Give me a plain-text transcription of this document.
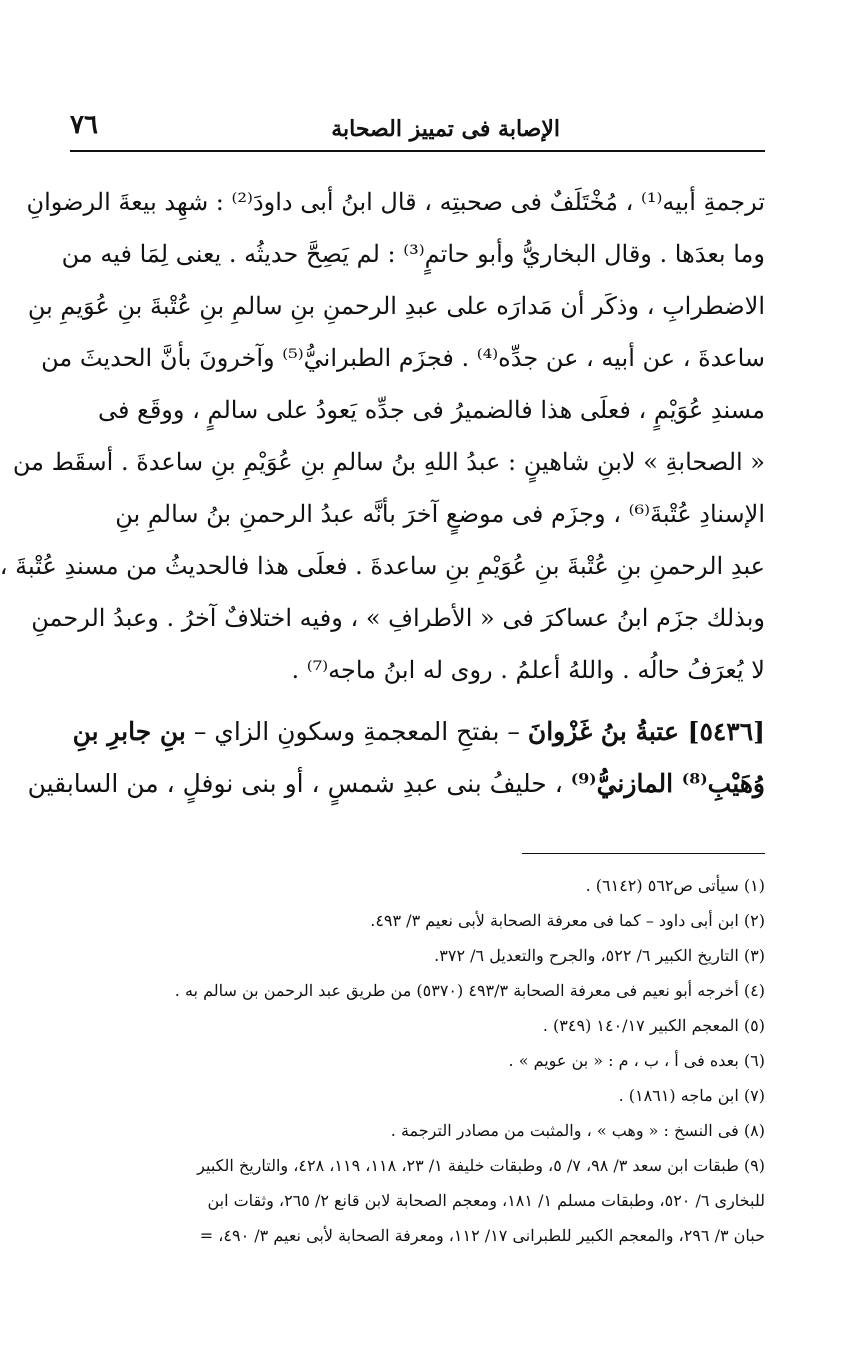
٧٦	الإصابة فى تمييز الصحابة
ترجمةِ أبيه⁽¹⁾ ، مُخْتَلَفٌ فى صحبتِه ، قال ابنُ أبى داودَ⁽²⁾ : شهِد بيعةَ الرضوانِ
وما بعدَها . وقال البخاريُّ وأبو حاتمٍ⁽³⁾ : لم يَصِحَّ حديثُه . يعنى لِمَا فيه من
الاضطرابِ ، وذكَر أن مَدارَه على عبدِ الرحمنِ بنِ سالمِ بنِ عُتْبةَ بنِ عُوَيمِ بنِ
ساعدةَ ، عن أبيه ، عن جدِّه⁽⁴⁾ . فجزَم الطبرانيُّ⁽⁵⁾ وآخرونَ بأنَّ الحديثَ من
مسندِ عُوَيْمٍ ، فعلَى هذا فالضميرُ فى جدِّه يَعودُ على سالمٍ ، ووقَع فى
« الصحابةِ » لابنِ شاهينٍ : عبدُ اللهِ بنُ سالمِ بنِ عُوَيْمِ بنِ ساعدةَ . أسقَط من
الإسنادِ عُتْبةَ⁽⁶⁾ ، وجزَم فى موضعٍ آخرَ بأنَّه عبدُ الرحمنِ بنُ سالمِ بنِ
عبدِ الرحمنِ بنِ عُتْبةَ بنِ عُوَيْمِ بنِ ساعدةَ . فعلَى هذا فالحديثُ من مسندِ عُتْبةَ ،
وبذلك جزَم ابنُ عساكرَ فى « الأطرافِ » ، وفيه اختلافٌ آخرُ . وعبدُ الرحمنِ
لا يُعرَفُ حالُه . واللهُ أعلمُ . روى له ابنُ ماجه⁽⁷⁾ .
[٥٤٣٦] عتبةُ بنُ غَزْوانَ – بفتحِ المعجمةِ وسكونِ الزاي – بنِ جابرِ بنِ
وُهَيْبِ⁽⁸⁾ المازنيُّ⁽⁹⁾ ، حليفُ بنى عبدِ شمسٍ ، أو بنى نوفلٍ ، من السابقين
(١) سيأتى ص٥٦٢ (٦١٤٢) .
(٢) ابن أبى داود – كما فى معرفة الصحابة لأبى نعيم ٣/ ٤٩٣.
(٣) التاريخ الكبير ٦/ ٥٢٢، والجرح والتعديل ٦/ ٣٧٢.
(٤) أخرجه أبو نعيم فى معرفة الصحابة ٤٩٣/٣ (٥٣٧٠) من طريق عبد الرحمن بن سالم به .
(٥) المعجم الكبير ١٤٠/١٧ (٣٤٩) .
(٦) بعده فى أ ، ب ، م : « بن عويم » .
(٧) ابن ماجه (١٨٦١) .
(٨) فى النسخ : « وهب » ، والمثبت من مصادر الترجمة .
(٩) طبقات ابن سعد ٣/ ٩٨، ٧/ ٥، وطبقات خليفة ١/ ٢٣، ١١٨، ١١٩، ٤٢٨، والتاريخ الكبير
للبخارى ٦/ ٥٢٠، وطبقات مسلم ١/ ١٨١، ومعجم الصحابة لابن قانع ٢/ ٢٦٥، وثقات ابن
حبان ٣/ ٢٩٦، والمعجم الكبير للطبرانى ١٧/ ١١٢، ومعرفة الصحابة لأبى نعيم ٣/ ٤٩٠، =
